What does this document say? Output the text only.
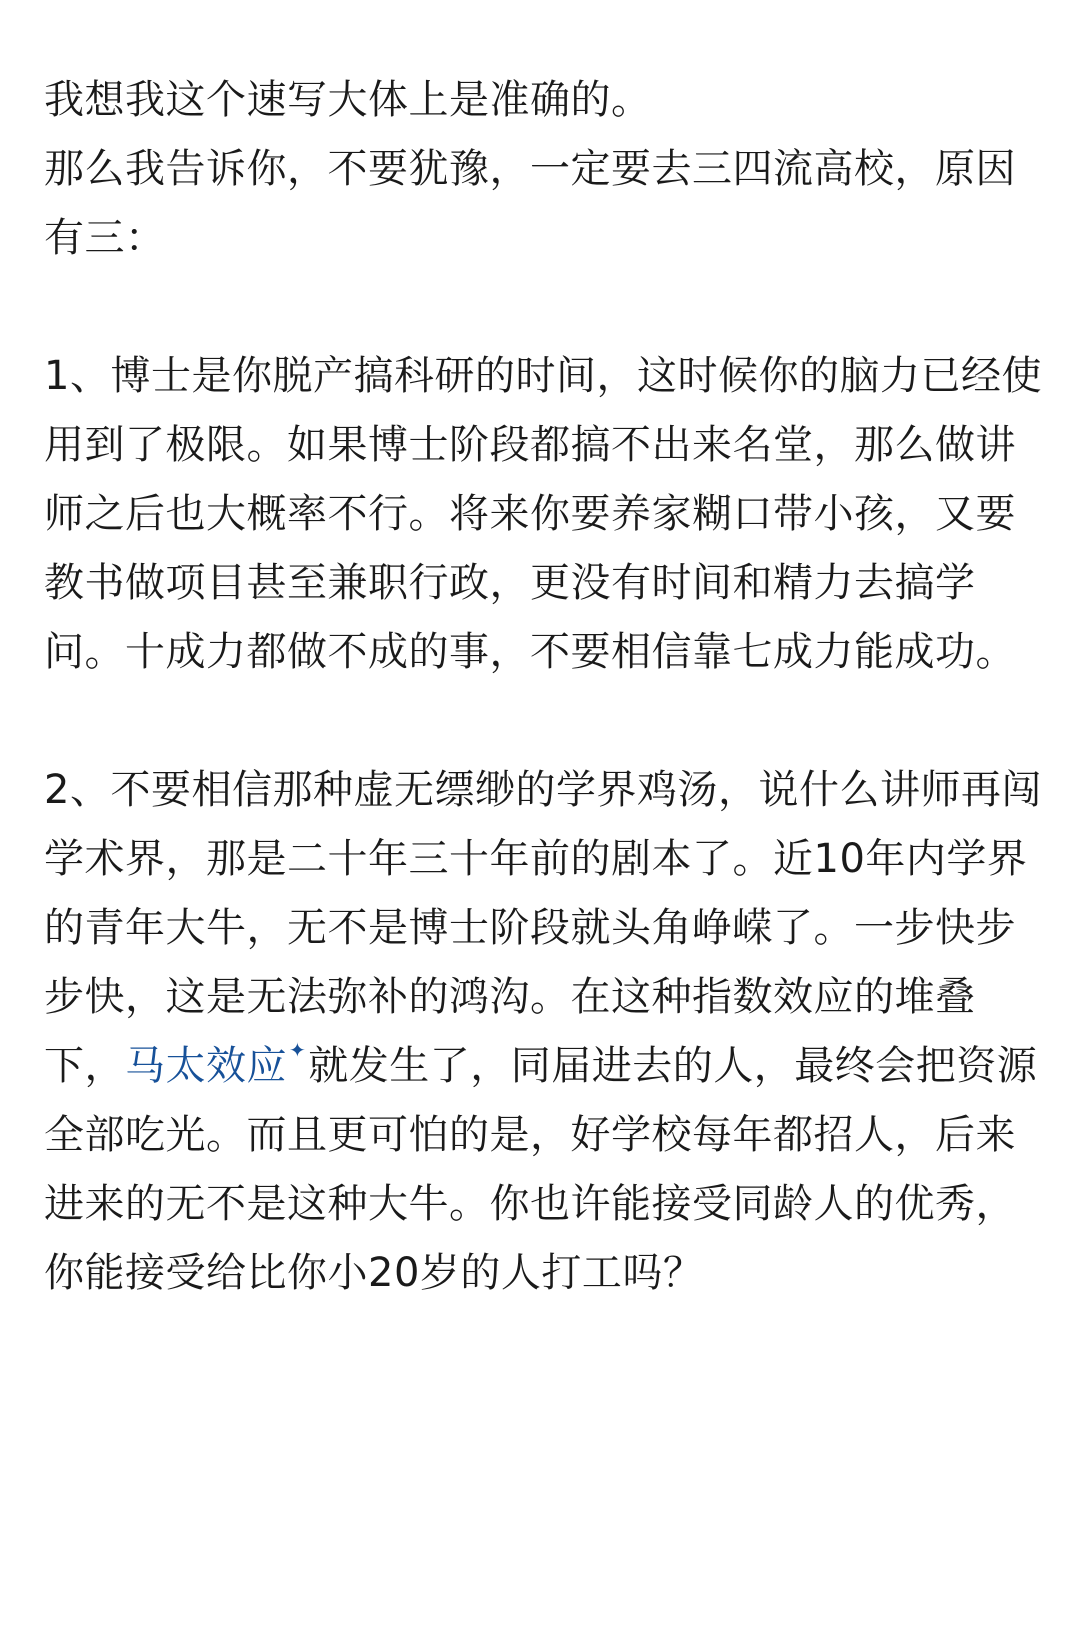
我想我这个速写大体上是准确的。

那么我告诉你，不要犹豫，一定要去三四流高校，原因有三：

1、博士是你脱产搞科研的时间，这时候你的脑力已经使用到了极限。如果博士阶段都搞不出来名堂，那么做讲师之后也大概率不行。将来你要养家糊口带小孩，又要教书做项目甚至兼职行政，更没有时间和精力去搞学问。十成力都做不成的事，不要相信靠七成力能成功。

2、不要相信那种虚无缥缈的学界鸡汤，说什么讲师再闯学术界，那是二十年三十年前的剧本了。近10年内学界的青年大牛，无不是博士阶段就头角峥嵘了。一步快步步快，这是无法弥补的鸿沟。在这种指数效应的堆叠下，马太效应 ✦就发生了，同届进去的人，最终会把资源全部吃光。而且更可怕的是，好学校每年都招人，后来进来的无不是这种大牛。你也许能接受同龄人的优秀，你能接受给比你小20岁的人打工吗？
